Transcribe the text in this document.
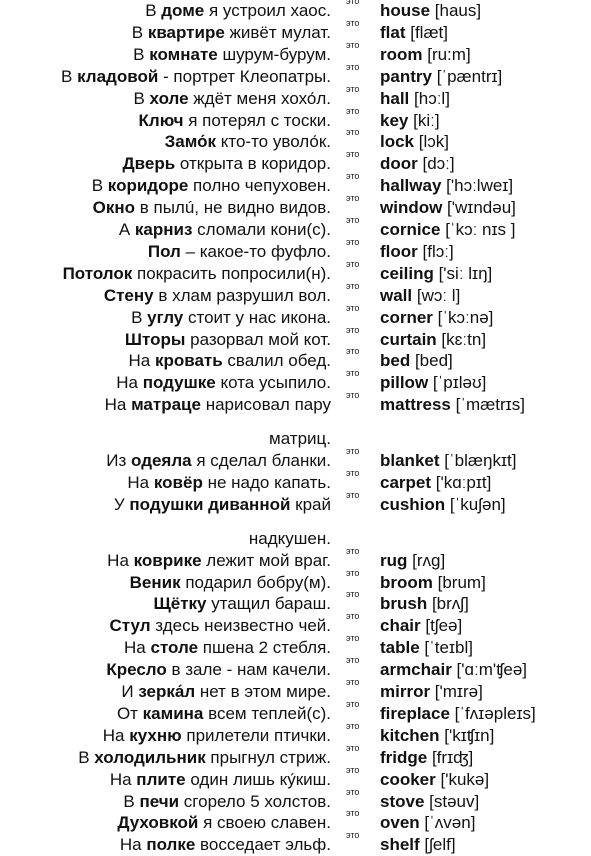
В доме я устроил хаос. это house [haus]
В квартире живёт мулат. это flat [flæt]
В комнате шурум-бурум. это room [ru:m]
В кладовой - портрет Клеопатры. это pantry [ˈpæntrɪ]
В холе ждёт меня хохо́л. это hall [hɔːl]
Ключ я потерял с тоски. это key [kiː]
Замо́к кто-то уволо́к. это lock [lɔk]
Дверь открыта в коридор. это door [dɔː]
В коридоре полно чепуховен. это hallway ['hɔːlweɪ]
Окно в пылú, не видно видов. это window ['wɪndəu]
А карниз сломали кони(с). это cornice [ˈkɔː nɪs ]
Пол – какое-то фуфло. это floor [flɔː]
Потолок покрасить попросили(н). это ceiling ['siː lɪŋ]
Стену в хлам разрушил вол. это wall [wɔː l]
В углу стоит у нас икона. это corner [ˈkɔːnə]
Шторы разорвал мой кот. это curtain [kɛːtn]
На кровать свалил обед. это bed [bed]
На подушке кота усыпило. это pillow [ˈpɪləʊ]
На матраце нарисовал пару это mattress [ˈmætrɪs]
матриц.
Из одеяла я сделал бланки. это blanket [ˈblæŋkɪt]
На ковёр не надо капать. это carpet ['kɑːpɪt]
У подушки диванной край это cushion [ˈkuʃən]
надкушен.
На коврике лежит мой враг. это rug [rʌg]
Веник подарил бобру(м). это broom [brum]
Щётку утащил бараш. это brush [brʌʃ]
Стул здесь неизвестно чей. это chair [tʃeə]
На столе пшена 2 стебля. это table [ˈteɪbl]
Кресло в зале - нам качели. это armchair ['ɑːm'ʧeə]
И зерка́л нет в этом мире. это mirror ['mɪrə]
От камина всем теплей(с). это fireplace [ˈfʌɪəpleɪs]
На кухню прилетели птички. это kitchen ['kɪʧɪn]
В холодильник прыгнул стриж. это fridge [frɪʤ]
На плите один лишь ку́киш. это cooker ['kukə]
В печи сгорело 5 холстов. это stove [stəuv]
Духовкой я своею славен. это oven [ˈʌvən]
На полке восседает эльф. это shelf [ʃelf]
